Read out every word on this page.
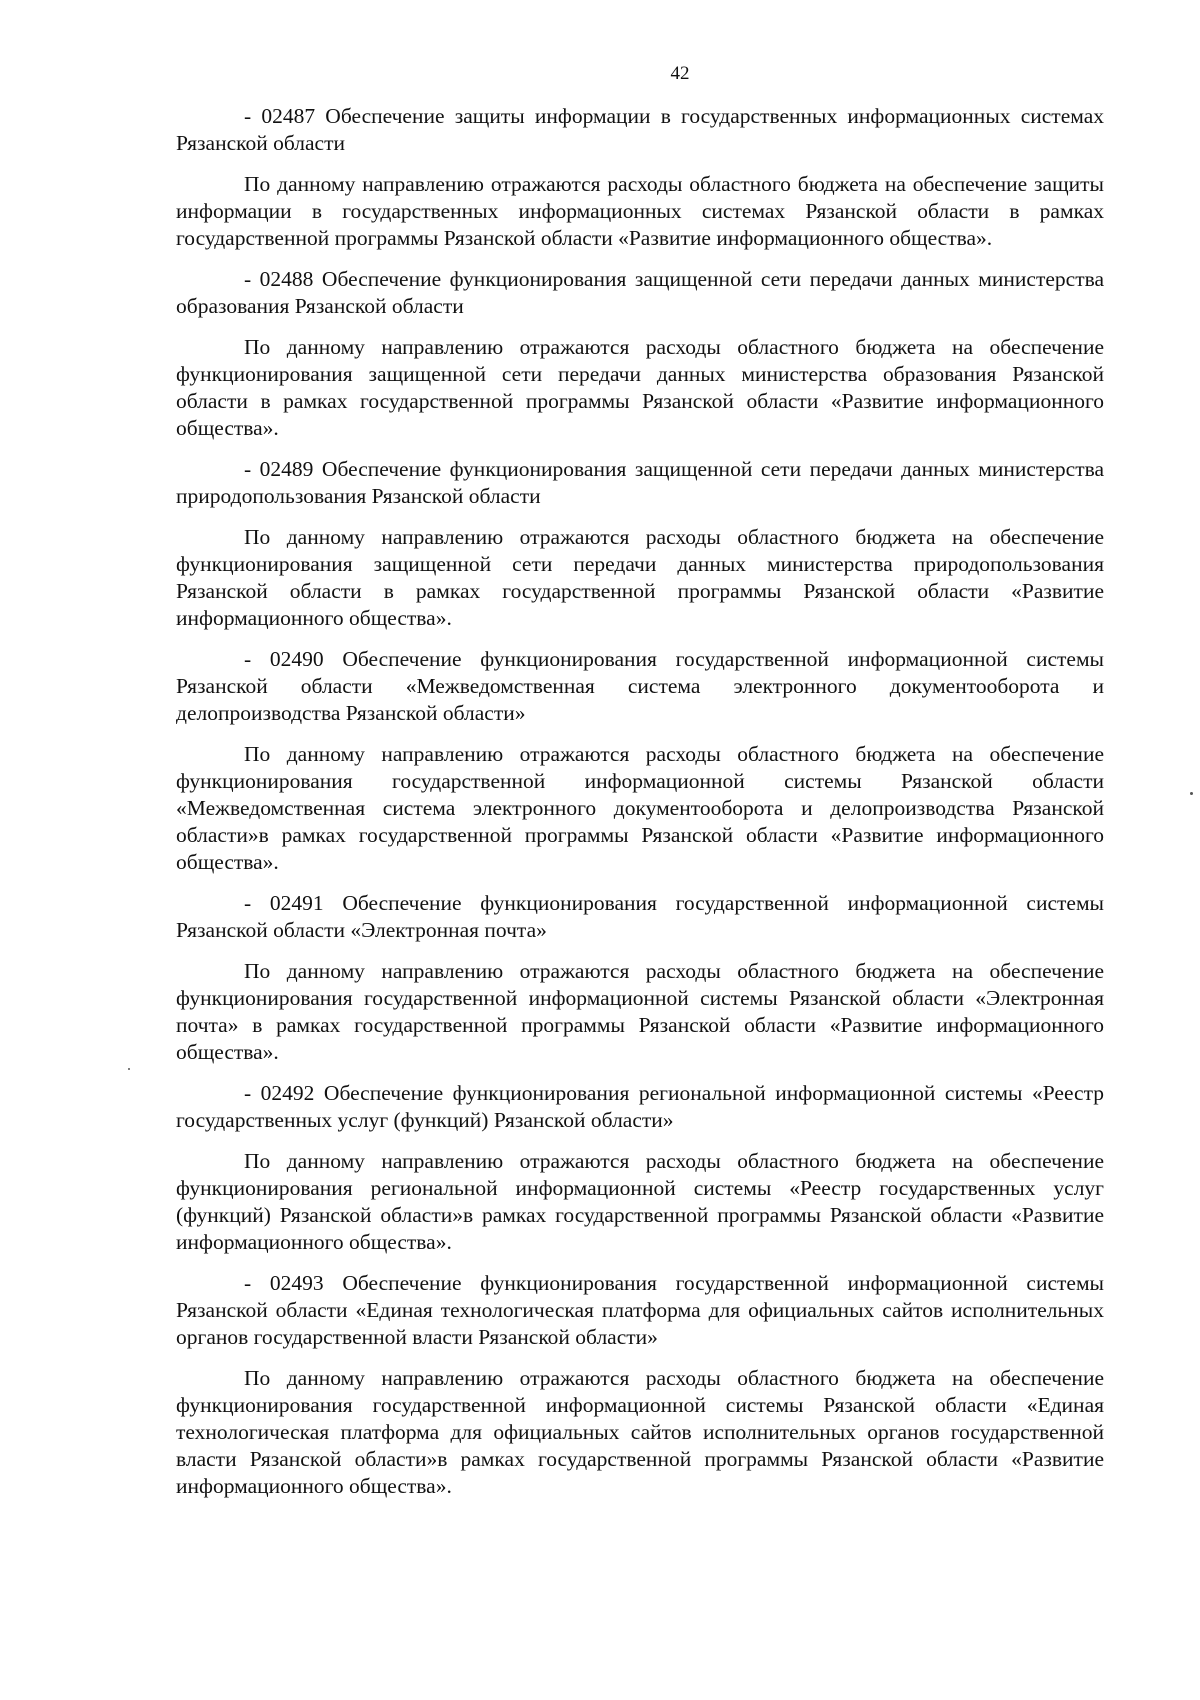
42

- 02487 Обеспечение защиты информации в государственных информационных системах Рязанской области

По данному направлению отражаются расходы областного бюджета на обеспечение защиты информации в государственных информационных системах Рязанской области в рамках государственной программы Рязанской области «Развитие информационного общества».

- 02488 Обеспечение функционирования защищенной сети передачи данных министерства образования Рязанской области

По данному направлению отражаются расходы областного бюджета на обеспечение функционирования защищенной сети передачи данных министерства образования Рязанской области в рамках государственной программы Рязанской области «Развитие информационного общества».

- 02489 Обеспечение функционирования защищенной сети передачи данных министерства природопользования Рязанской области

По данному направлению отражаются расходы областного бюджета на обеспечение функционирования защищенной сети передачи данных министерства природопользования Рязанской области в рамках государственной программы Рязанской области «Развитие информационного общества».

- 02490 Обеспечение функционирования государственной информационной системы Рязанской области «Межведомственная система электронного документооборота и делопроизводства Рязанской области»

По данному направлению отражаются расходы областного бюджета на обеспечение функционирования государственной информационной системы Рязанской области «Межведомственная система электронного документооборота и делопроизводства Рязанской области»в рамках государственной программы Рязанской области «Развитие информационного общества».

- 02491 Обеспечение функционирования государственной информационной системы Рязанской области «Электронная почта»

По данному направлению отражаются расходы областного бюджета на обеспечение функционирования государственной информационной системы Рязанской области «Электронная почта» в рамках государственной программы Рязанской области «Развитие информационного общества».

- 02492 Обеспечение функционирования региональной информационной системы «Реестр государственных услуг (функций) Рязанской области»

По данному направлению отражаются расходы областного бюджета на обеспечение функционирования региональной информационной системы «Реестр государственных услуг (функций) Рязанской области»в рамках государственной программы Рязанской области «Развитие информационного общества».

- 02493 Обеспечение функционирования государственной информационной системы Рязанской области «Единая технологическая платформа для официальных сайтов исполнительных органов государственной власти Рязанской области»

По данному направлению отражаются расходы областного бюджета на обеспечение функционирования государственной информационной системы Рязанской области «Единая технологическая платформа для официальных сайтов исполнительных органов государственной власти Рязанской области»в рамках государственной программы Рязанской области «Развитие информационного общества».
